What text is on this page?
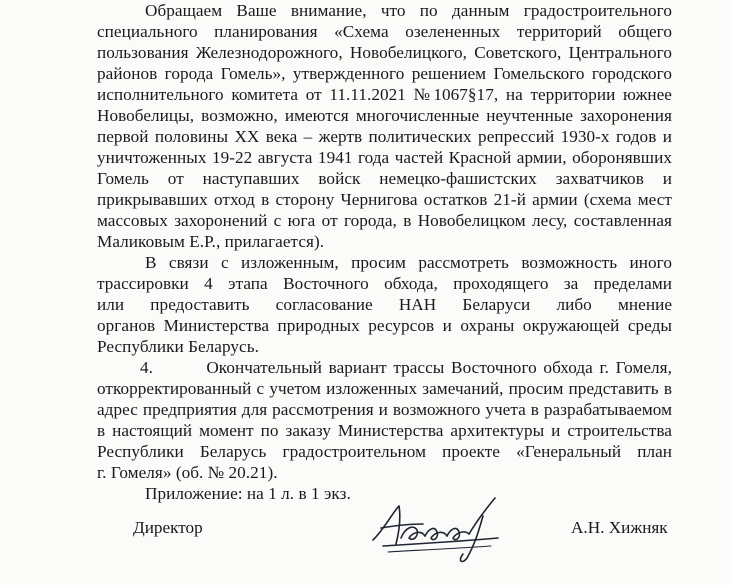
Обращаем Ваше внимание, что по данным градостроительного
специального планирования «Схема озелененных территорий общего
пользования Железнодорожного, Новобелицкого, Советского, Центрального
районов города Гомель», утвержденного решением Гомельского городского
исполнительного комитета от 11.11.2021 №1067§17, на территории южнее
Новобелицы, возможно, имеются многочисленные неучтенные захоронения
первой половины XX века – жертв политических репрессий 1930-х годов и
уничтоженных 19-22 августа 1941 года частей Красной армии, оборонявших
Гомель от наступавших войск немецко-фашистских захватчиков и
прикрывавших отход в сторону Чернигова остатков 21-й армии (схема мест
массовых захоронений с юга от города, в Новобелицком лесу, составленная
Маликовым Е.Р., прилагается).
В связи с изложенным, просим рассмотреть возможность иного
трассировки 4 этапа Восточного обхода, проходящего за пределами
или предоставить согласование НАН Беларуси либо мнение
органов Министерства природных ресурсов и охраны окружающей среды
Республики Беларусь.
4.        Окончательный вариант трассы Восточного обхода г. Гомеля,
откорректированный с учетом изложенных замечаний, просим представить в
адрес предприятия для рассмотрения и возможного учета в разрабатываемом
в настоящий момент по заказу Министерства архитектуры и строительства
Республики Беларусь градостроительном проекте «Генеральный план
г. Гомеля» (об. № 20.21).
Приложение: на 1 л. в 1 экз.
Директор	А.Н. Хижняк
